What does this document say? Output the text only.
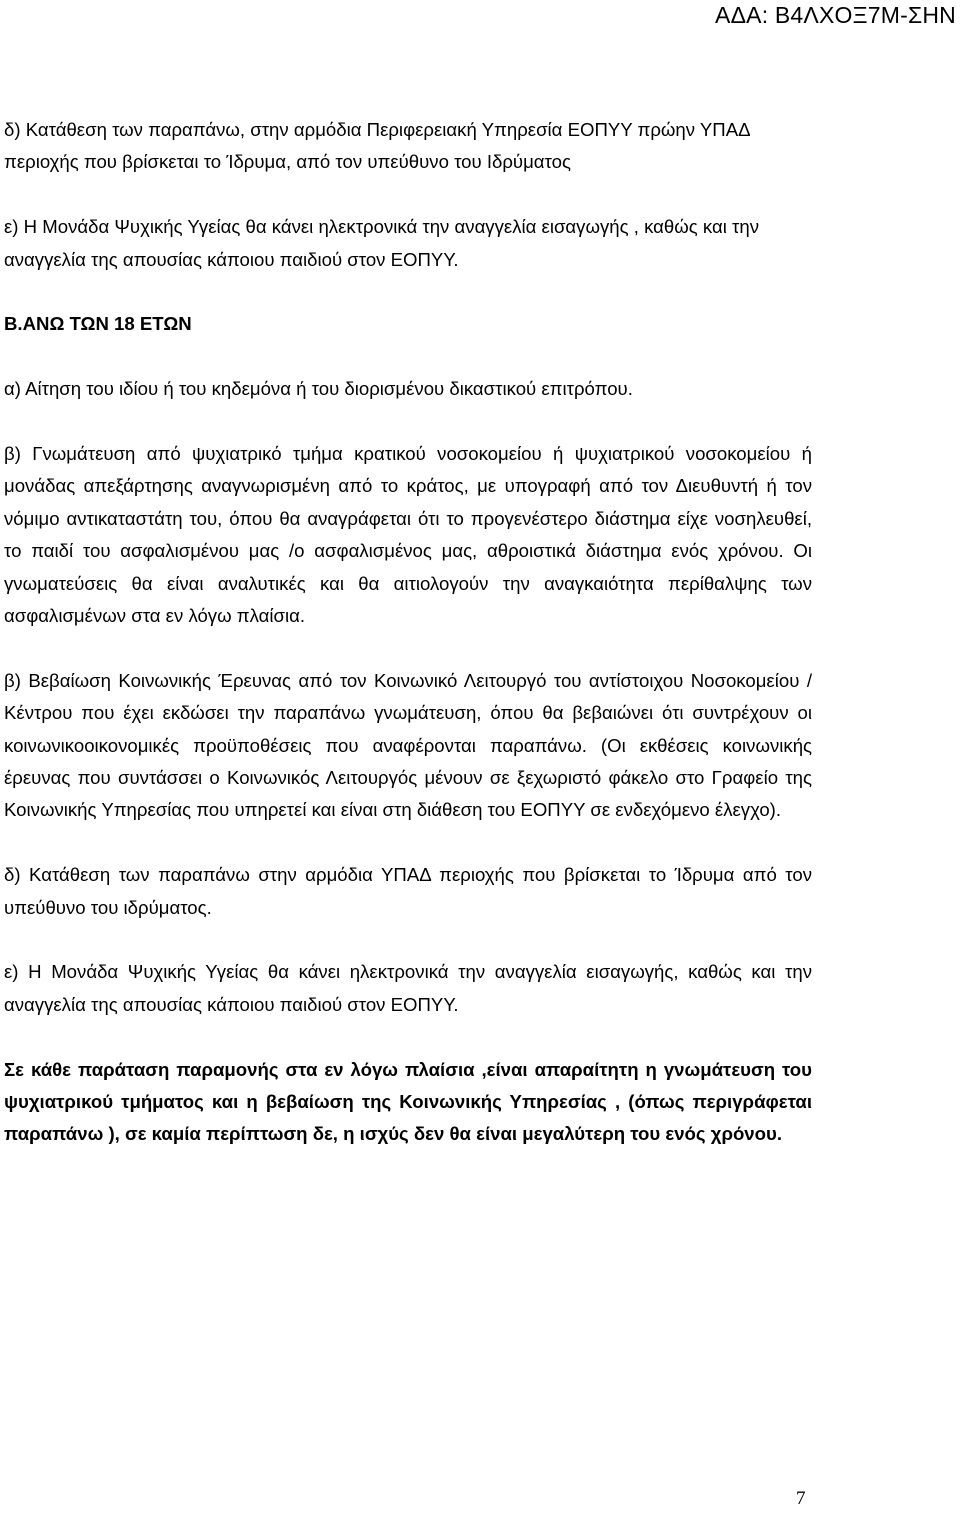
ΑΔΑ: Β4ΛΧΟΞ7Μ-ΣΗΝ

δ) Κατάθεση των παραπάνω, στην αρμόδια Περιφερειακή Υπηρεσία ΕΟΠΥΥ πρώην ΥΠΑΔ περιοχής που βρίσκεται το Ίδρυμα, από τον υπεύθυνο του Ιδρύματος

ε) Η Μονάδα Ψυχικής Υγείας θα κάνει ηλεκτρονικά την αναγγελία εισαγωγής , καθώς και την αναγγελία της απουσίας κάποιου παιδιού στον ΕΟΠΥΥ.

Β.ΑΝΩ ΤΩΝ 18 ΕΤΩΝ

α) Αίτηση του ιδίου ή του κηδεμόνα ή του διορισμένου δικαστικού επιτρόπου.

β) Γνωμάτευση από ψυχιατρικό τμήμα κρατικού νοσοκομείου ή ψυχιατρικού νοσοκομείου ή μονάδας απεξάρτησης αναγνωρισμένη από το κράτος, με υπογραφή από τον Διευθυντή ή τον νόμιμο αντικαταστάτη του, όπου θα αναγράφεται ότι το προγενέστερο διάστημα είχε νοσηλευθεί, το παιδί του ασφαλισμένου μας /ο ασφαλισμένος μας, αθροιστικά διάστημα ενός χρόνου. Οι γνωματεύσεις θα είναι αναλυτικές και θα αιτιολογούν την αναγκαιότητα περίθαλψης των ασφαλισμένων στα εν λόγω πλαίσια.

β) Βεβαίωση Κοινωνικής Έρευνας από τον Κοινωνικό Λειτουργό του αντίστοιχου Νοσοκομείου / Κέντρου που έχει εκδώσει την παραπάνω γνωμάτευση, όπου θα βεβαιώνει ότι συντρέχουν οι κοινωνικοοικονομικές προϋποθέσεις που αναφέρονται παραπάνω. (Οι εκθέσεις κοινωνικής έρευνας που συντάσσει ο Κοινωνικός Λειτουργός μένουν σε ξεχωριστό φάκελο στο Γραφείο της Κοινωνικής Υπηρεσίας που υπηρετεί και είναι στη διάθεση του ΕΟΠΥΥ σε ενδεχόμενο έλεγχο).

δ) Κατάθεση των παραπάνω στην αρμόδια ΥΠΑΔ περιοχής που βρίσκεται το Ίδρυμα από τον υπεύθυνο του ιδρύματος.

ε) Η Μονάδα Ψυχικής Υγείας θα κάνει ηλεκτρονικά την αναγγελία εισαγωγής, καθώς και την αναγγελία της απουσίας κάποιου παιδιού στον ΕΟΠΥΥ.

Σε κάθε παράταση παραμονής στα εν λόγω πλαίσια ,είναι απαραίτητη η γνωμάτευση του ψυχιατρικού τμήματος και η βεβαίωση της Κοινωνικής Υπηρεσίας , (όπως περιγράφεται παραπάνω ), σε καμία περίπτωση δε, η ισχύς δεν θα είναι μεγαλύτερη του ενός χρόνου.

7
